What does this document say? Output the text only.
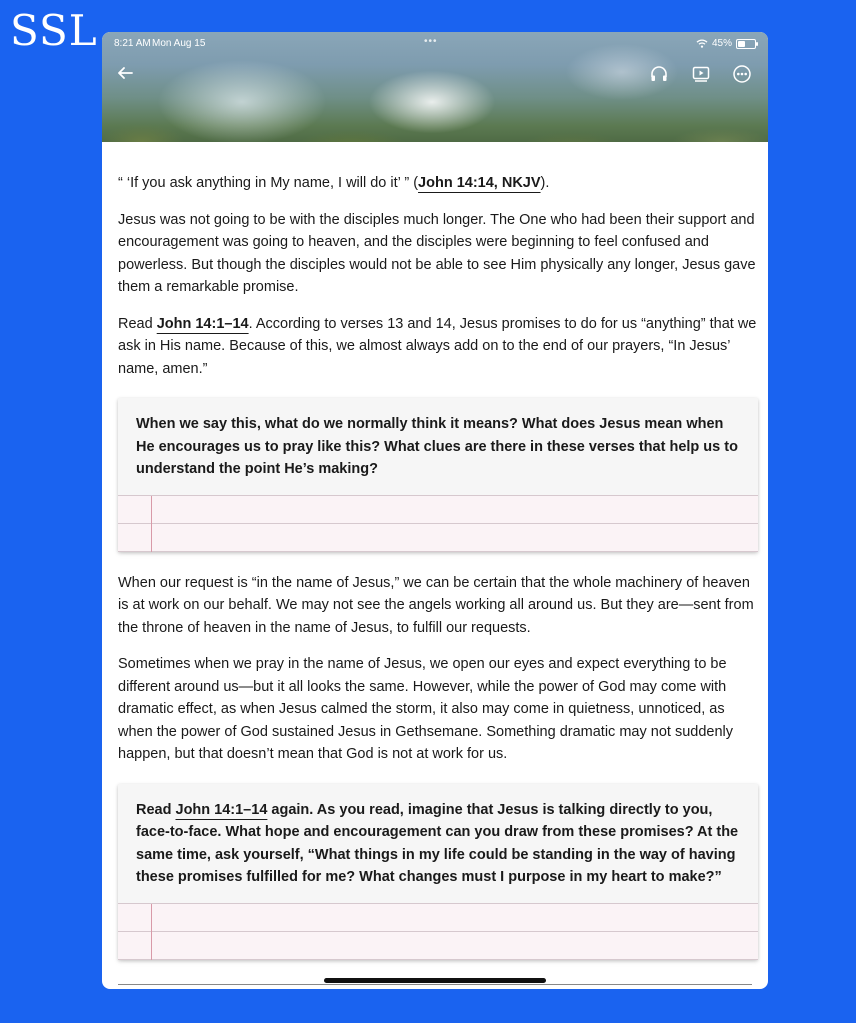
SSL 8:21 AM Mon Aug 15	•••	45%

“ ‘If you ask anything in My name, I will do it’ ” (John 14:14, NKJV).

Jesus was not going to be with the disciples much longer. The One who had been their support and encouragement was going to heaven, and the disciples were beginning to feel confused and powerless. But though the disciples would not be able to see Him physically any longer, Jesus gave them a remarkable promise.

Read John 14:1–14. According to verses 13 and 14, Jesus promises to do for us “anything” that we ask in His name. Because of this, we almost always add on to the end of our prayers, “In Jesus’ name, amen.”

When we say this, what do we normally think it means? What does Jesus mean when He encourages us to pray like this? What clues are there in these verses that help us to understand the point He’s making?

When our request is “in the name of Jesus,” we can be certain that the whole machinery of heaven is at work on our behalf. We may not see the angels working all around us. But they are—sent from the throne of heaven in the name of Jesus, to fulfill our requests.

Sometimes when we pray in the name of Jesus, we open our eyes and expect everything to be different around us—but it all looks the same. However, while the power of God may come with dramatic effect, as when Jesus calmed the storm, it also may come in quietness, unnoticed, as when the power of God sustained Jesus in Gethsemane. Something dramatic may not suddenly happen, but that doesn’t mean that God is not at work for us.

Read John 14:1–14 again. As you read, imagine that Jesus is talking directly to you, face-to-face. What hope and encouragement can you draw from these promises? At the same time, ask yourself, “What things in my life could be standing in the way of having these promises fulfilled for me? What changes must I purpose in my heart to make?”
